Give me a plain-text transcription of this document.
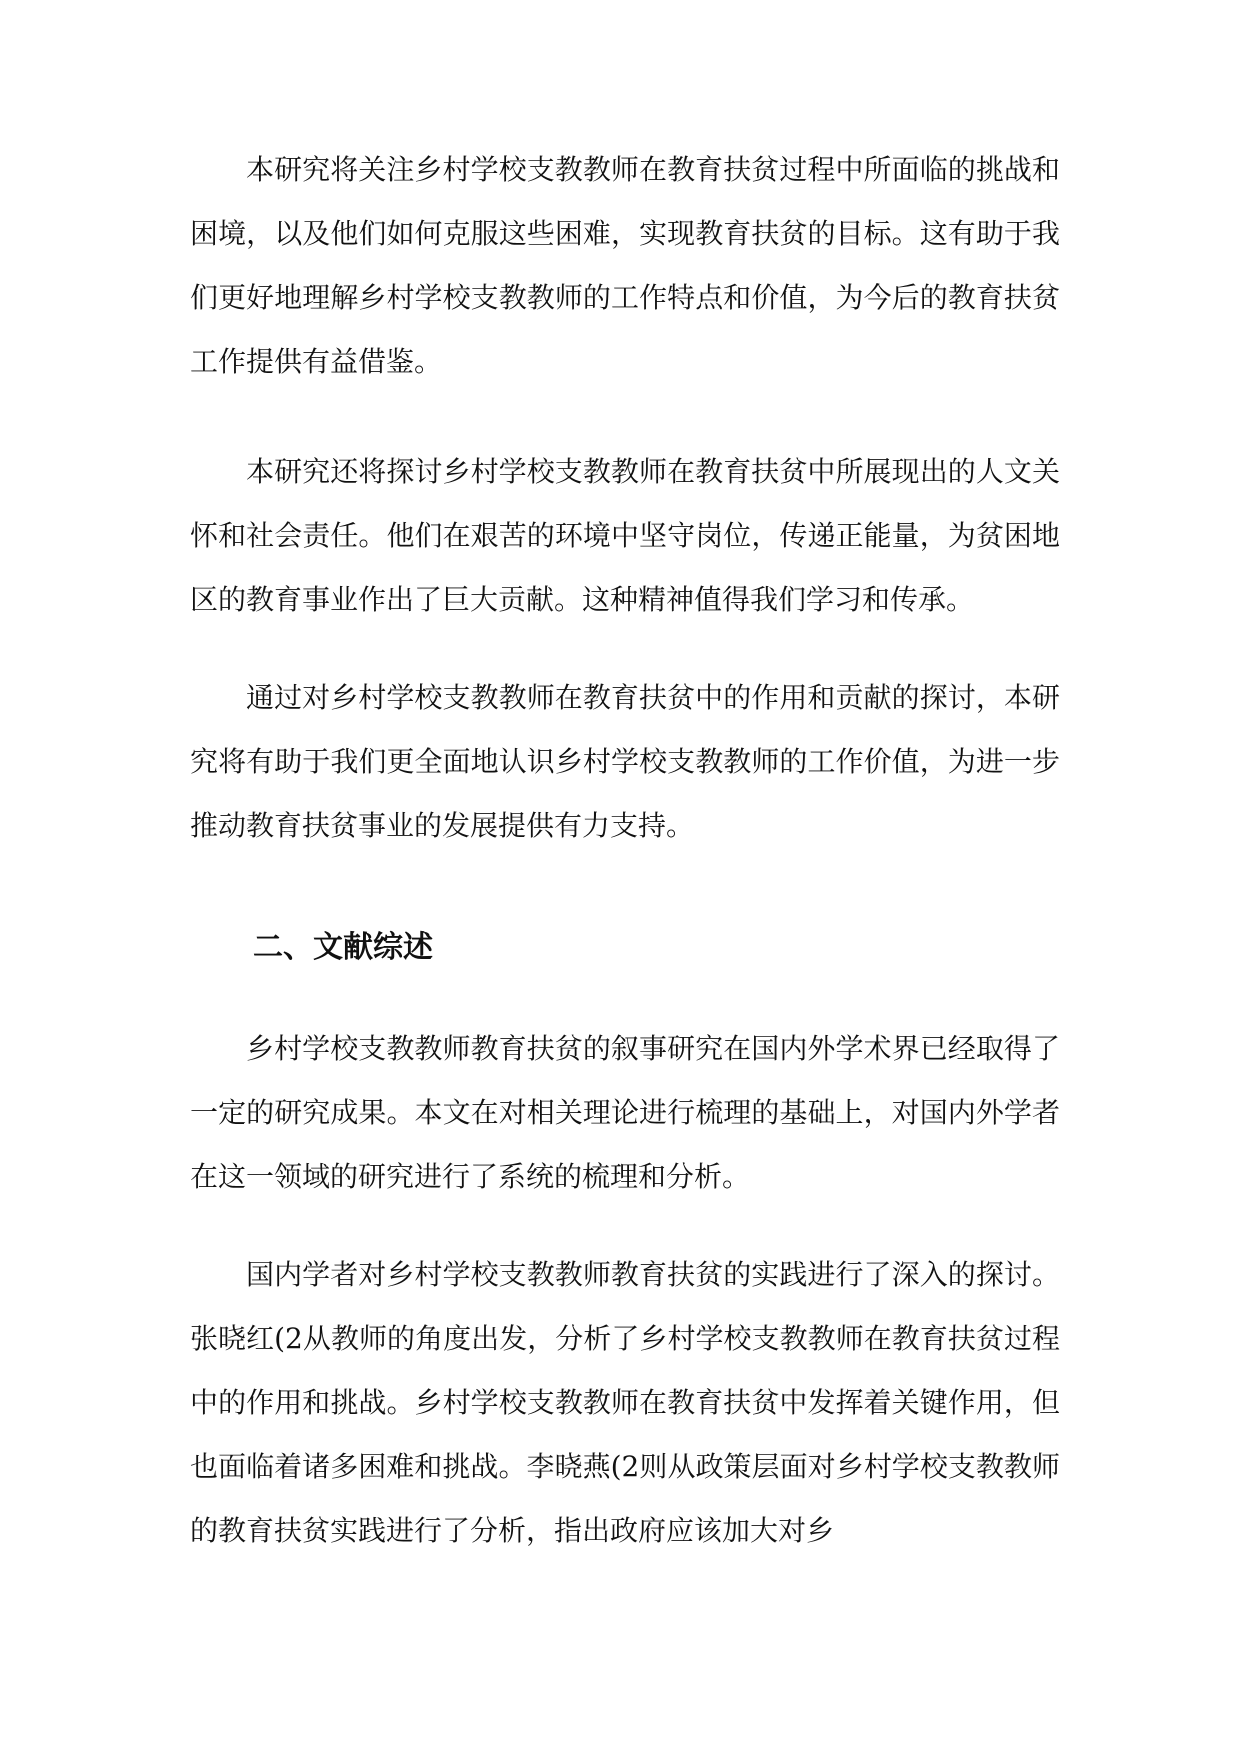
本研究将关注乡村学校支教教师在教育扶贫过程中所面临的挑战和困境，以及他们如何克服这些困难，实现教育扶贫的目标。这有助于我们更好地理解乡村学校支教教师的工作特点和价值，为今后的教育扶贫工作提供有益借鉴。

本研究还将探讨乡村学校支教教师在教育扶贫中所展现出的人文关怀和社会责任。他们在艰苦的环境中坚守岗位，传递正能量，为贫困地区的教育事业作出了巨大贡献。这种精神值得我们学习和传承。

通过对乡村学校支教教师在教育扶贫中的作用和贡献的探讨，本研究将有助于我们更全面地认识乡村学校支教教师的工作价值，为进一步推动教育扶贫事业的发展提供有力支持。

二、文献综述

乡村学校支教教师教育扶贫的叙事研究在国内外学术界已经取得了一定的研究成果。本文在对相关理论进行梳理的基础上，对国内外学者在这一领域的研究进行了系统的梳理和分析。

国内学者对乡村学校支教教师教育扶贫的实践进行了深入的探讨。张晓红(2从教师的角度出发，分析了乡村学校支教教师在教育扶贫过程中的作用和挑战。乡村学校支教教师在教育扶贫中发挥着关键作用，但也面临着诸多困难和挑战。李晓燕(2则从政策层面对乡村学校支教教师的教育扶贫实践进行了分析，指出政府应该加大对乡
